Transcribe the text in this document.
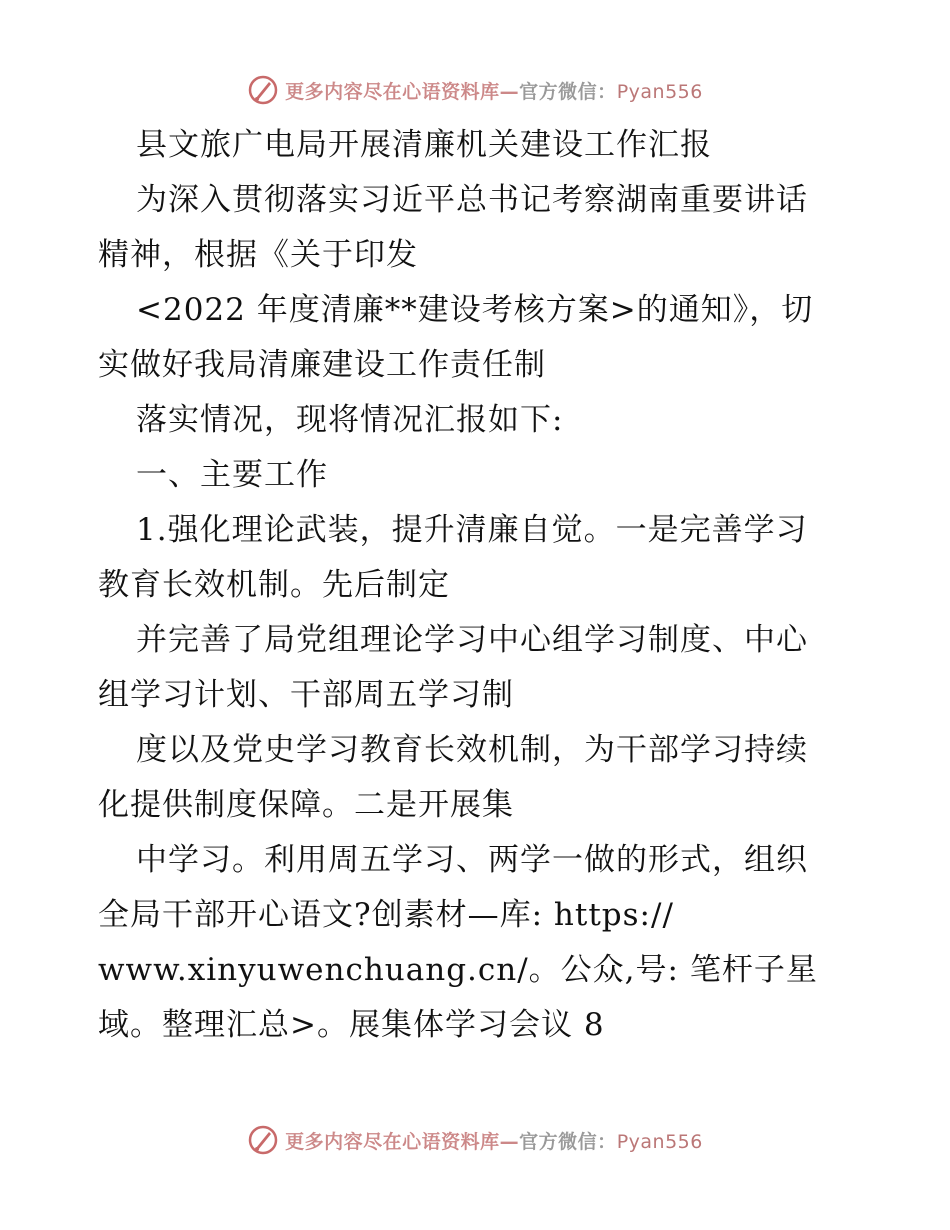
更多内容尽在心语资料库—官方微信：Pyan556
县文旅广电局开展清廉机关建设工作汇报
为深入贯彻落实习近平总书记考察湖南重要讲话
精神，根据《关于印发
<2022 年度清廉**建设考核方案>的通知》，切
实做好我局清廉建设工作责任制
落实情况，现将情况汇报如下:
一、主要工作
1.强化理论武装，提升清廉自觉。一是完善学习
教育长效机制。先后制定
并完善了局党组理论学习中心组学习制度、中心
组学习计划、干部周五学习制
度以及党史学习教育长效机制，为干部学习持续
化提供制度保障。二是开展集
中学习。利用周五学习、两学一做的形式，组织
全局干部开心语文?创素材—库: https://
www.xinyuwenchuang.cn/。公众,号: 笔杆子星
域。整理汇总>。展集体学习会议 8
更多内容尽在心语资料库—官方微信：Pyan556
